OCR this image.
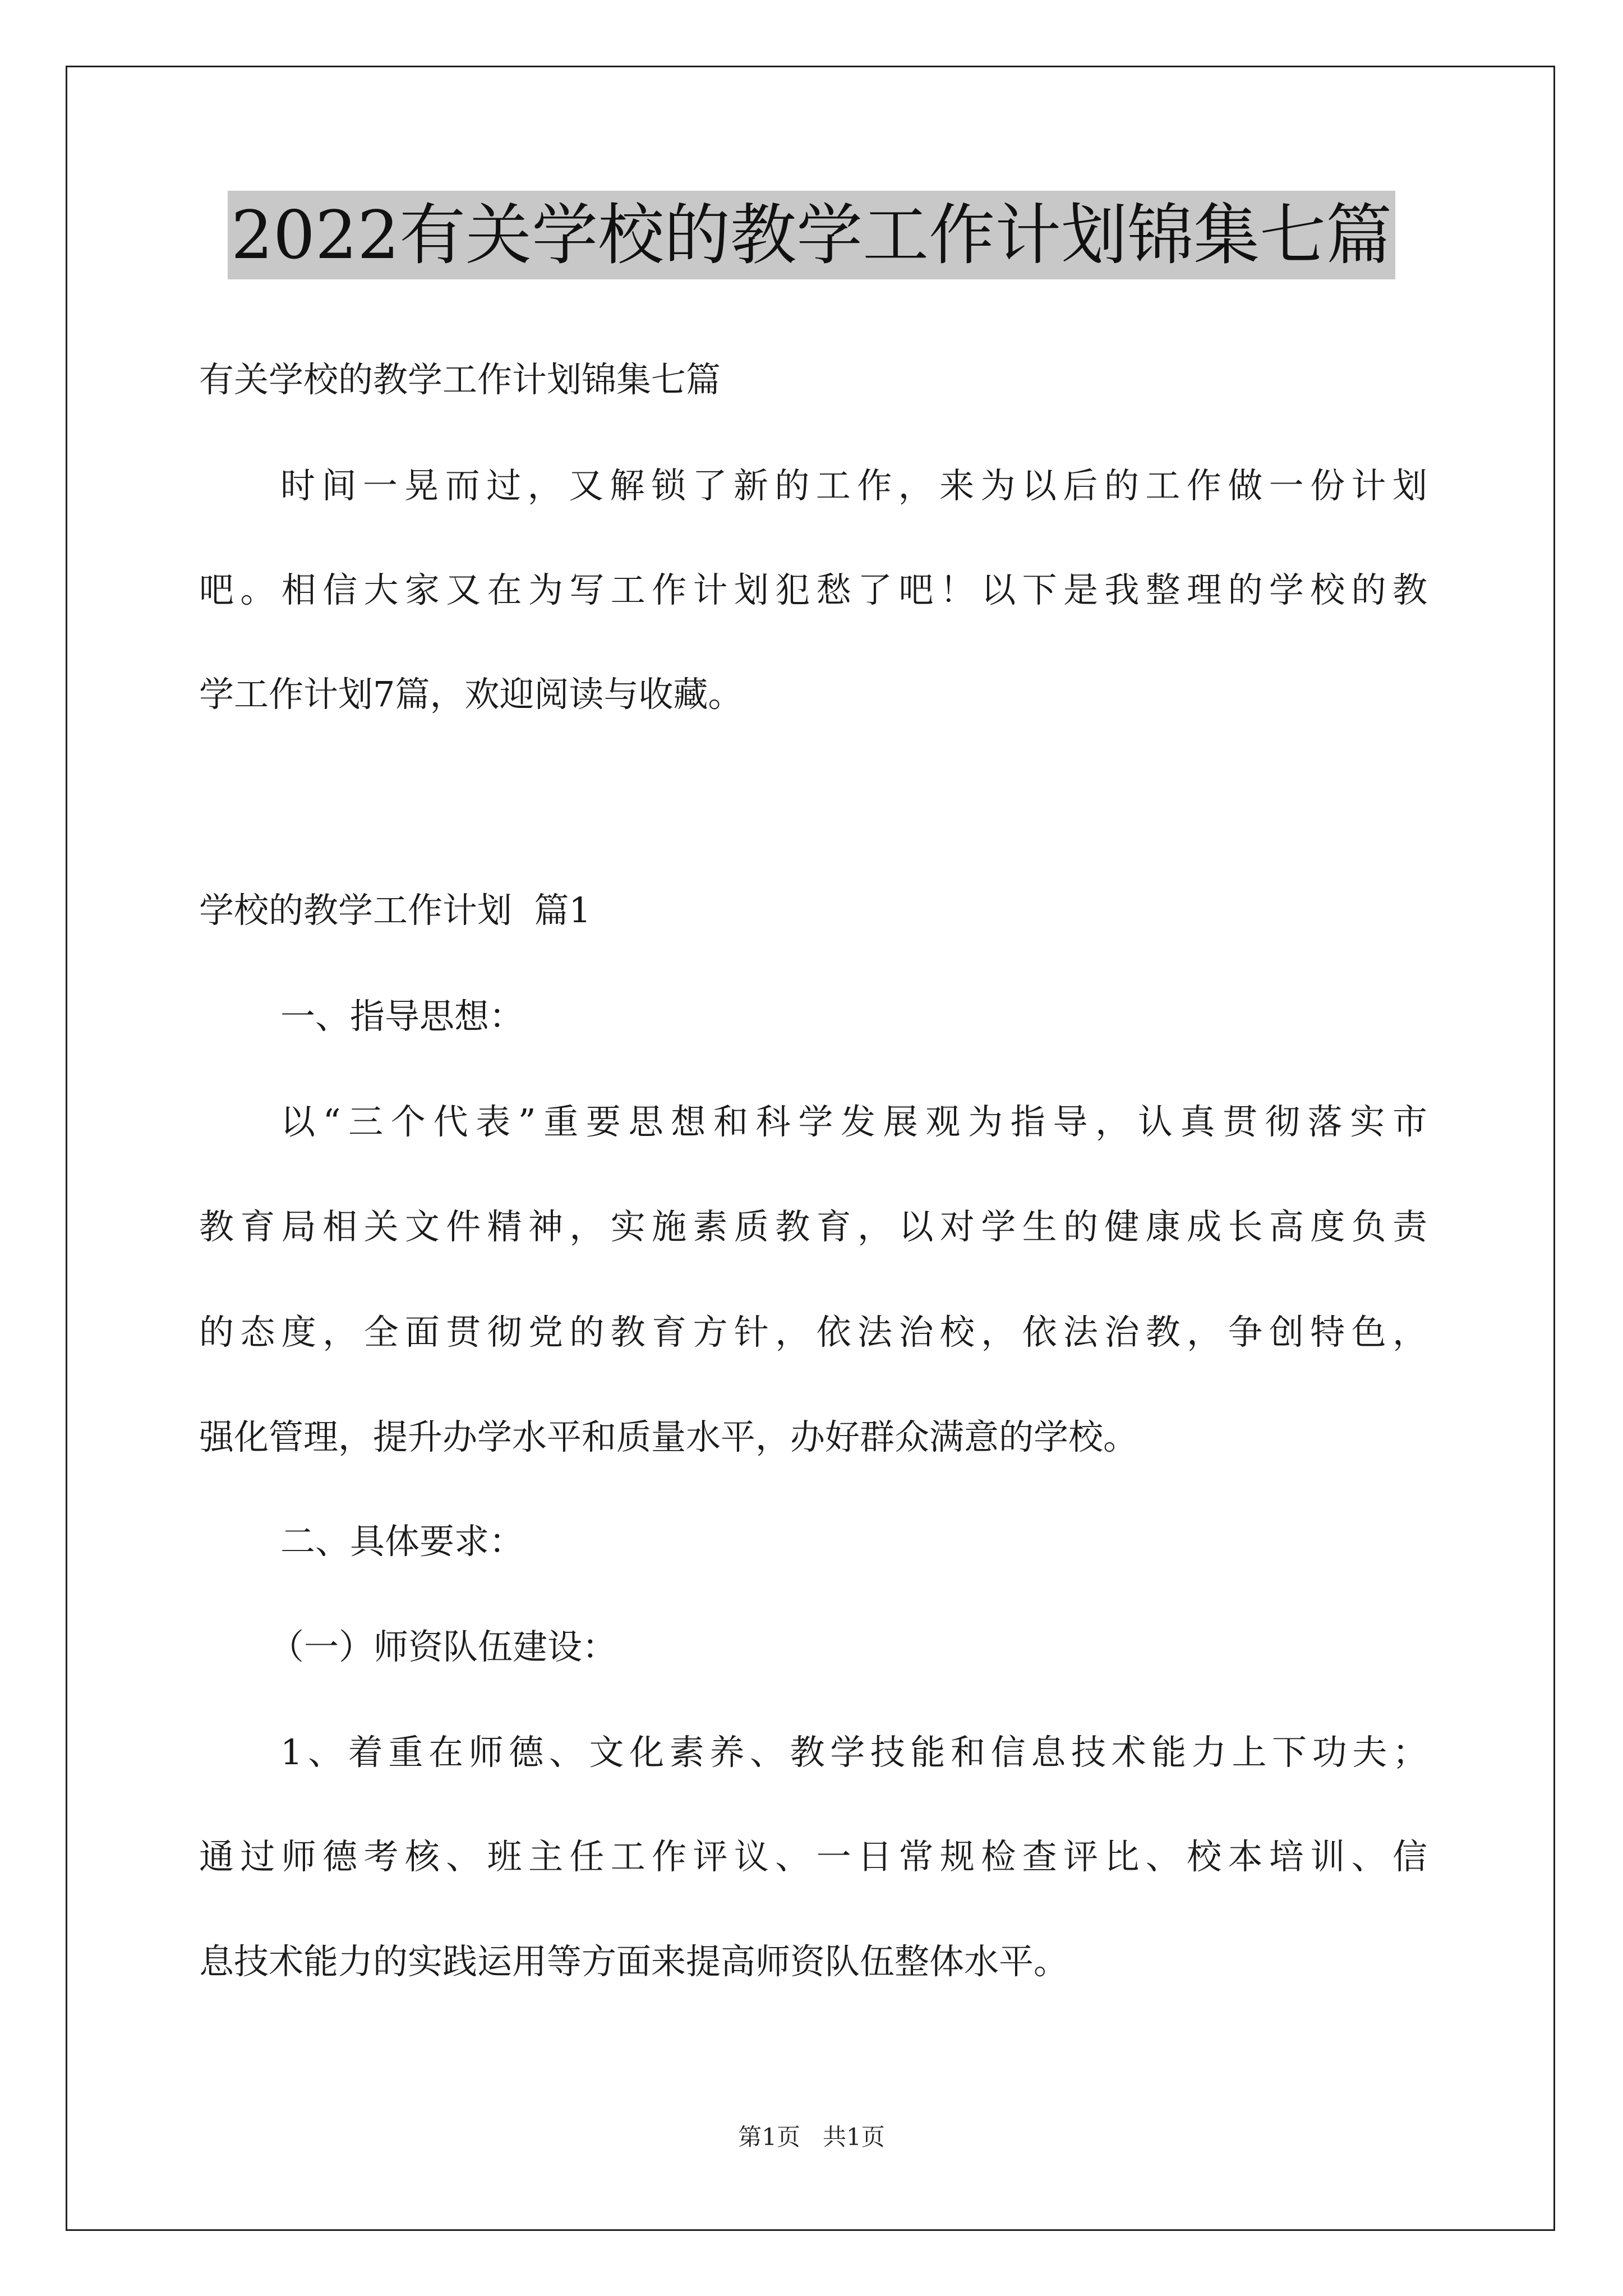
2022有关学校的教学工作计划锦集七篇
有关学校的教学工作计划锦集七篇
时间一晃而过，又解锁了新的工作，来为以后的工作做一份计划
吧。相信大家又在为写工作计划犯愁了吧！以下是我整理的学校的教
学工作计划7篇，欢迎阅读与收藏。
学校的教学工作计划  篇1
一、指导思想：
以“三个代表”重要思想和科学发展观为指导，认真贯彻落实市
教育局相关文件精神，实施素质教育，以对学生的健康成长高度负责
的态度，全面贯彻党的教育方针，依法治校，依法治教，争创特色，
强化管理，提升办学水平和质量水平，办好群众满意的学校。
二、具体要求：
（一）师资队伍建设：
1、着重在师德、文化素养、教学技能和信息技术能力上下功夫；
通过师德考核、班主任工作评议、一日常规检查评比、校本培训、信
息技术能力的实践运用等方面来提高师资队伍整体水平。
第1页   共1页
